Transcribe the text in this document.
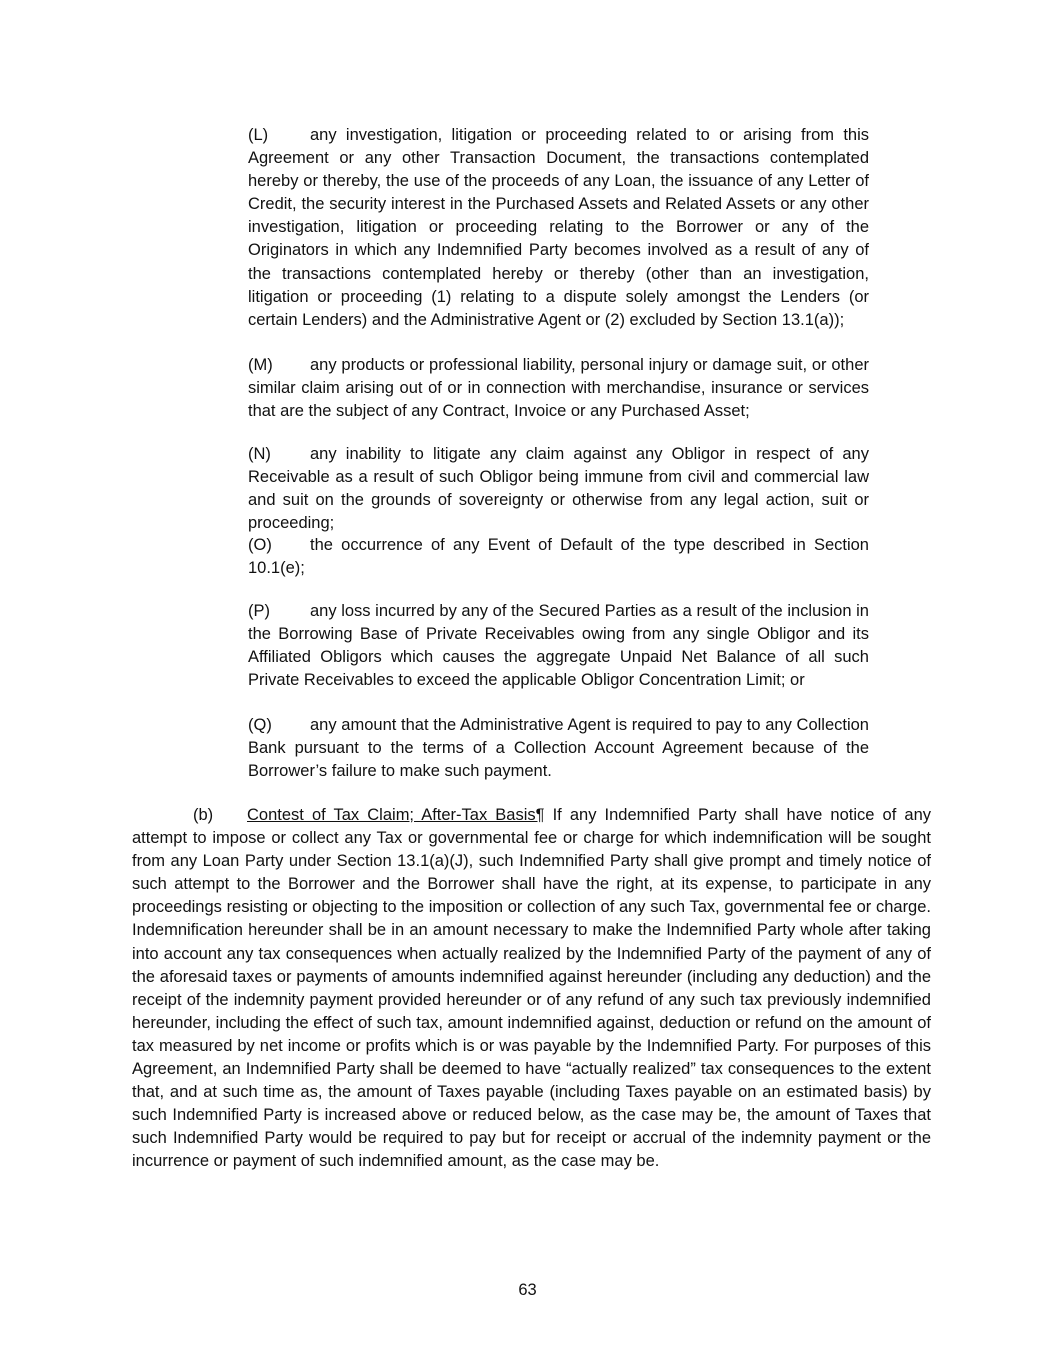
(L)	any investigation, litigation or proceeding related to or arising from this Agreement or any other Transaction Document, the transactions contemplated hereby or thereby, the use of the proceeds of any Loan, the issuance of any Letter of Credit, the security interest in the Purchased Assets and Related Assets or any other investigation, litigation or proceeding relating to the Borrower or any of the Originators in which any Indemnified Party becomes involved as a result of any of the transactions contemplated hereby or thereby (other than an investigation, litigation or proceeding (1) relating to a dispute solely amongst the Lenders (or certain Lenders) and the Administrative Agent or (2) excluded by Section 13.1(a));
(M) any products or professional liability, personal injury or damage suit, or other similar claim arising out of or in connection with merchandise, insurance or services that are the subject of any Contract, Invoice or any Purchased Asset;
(N) any inability to litigate any claim against any Obligor in respect of any Receivable as a result of such Obligor being immune from civil and commercial law and suit on the grounds of sovereignty or otherwise from any legal action, suit or proceeding;
(O) the occurrence of any Event of Default of the type described in Section 10.1(e);
(P) any loss incurred by any of the Secured Parties as a result of the inclusion in the Borrowing Base of Private Receivables owing from any single Obligor and its Affiliated Obligors which causes the aggregate Unpaid Net Balance of all such Private Receivables to exceed the applicable Obligor Concentration Limit; or
(Q) any amount that the Administrative Agent is required to pay to any Collection Bank pursuant to the terms of a Collection Account Agreement because of the Borrower’s failure to make such payment.
(b) Contest of Tax Claim; After-Tax Basis¶ If any Indemnified Party shall have notice of any attempt to impose or collect any Tax or governmental fee or charge for which indemnification will be sought from any Loan Party under Section 13.1(a)(J), such Indemnified Party shall give prompt and timely notice of such attempt to the Borrower and the Borrower shall have the right, at its expense, to participate in any proceedings resisting or objecting to the imposition or collection of any such Tax, governmental fee or charge. Indemnification hereunder shall be in an amount necessary to make the Indemnified Party whole after taking into account any tax consequences when actually realized by the Indemnified Party of the payment of any of the aforesaid taxes or payments of amounts indemnified against hereunder (including any deduction) and the receipt of the indemnity payment provided hereunder or of any refund of any such tax previously indemnified hereunder, including the effect of such tax, amount indemnified against, deduction or refund on the amount of tax measured by net income or profits which is or was payable by the Indemnified Party. For purposes of this Agreement, an Indemnified Party shall be deemed to have “actually realized” tax consequences to the extent that, and at such time as, the amount of Taxes payable (including Taxes payable on an estimated basis) by such Indemnified Party is increased above or reduced below, as the case may be, the amount of Taxes that such Indemnified Party would be required to pay but for receipt or accrual of the indemnity payment or the incurrence or payment of such indemnified amount, as the case may be.
63
